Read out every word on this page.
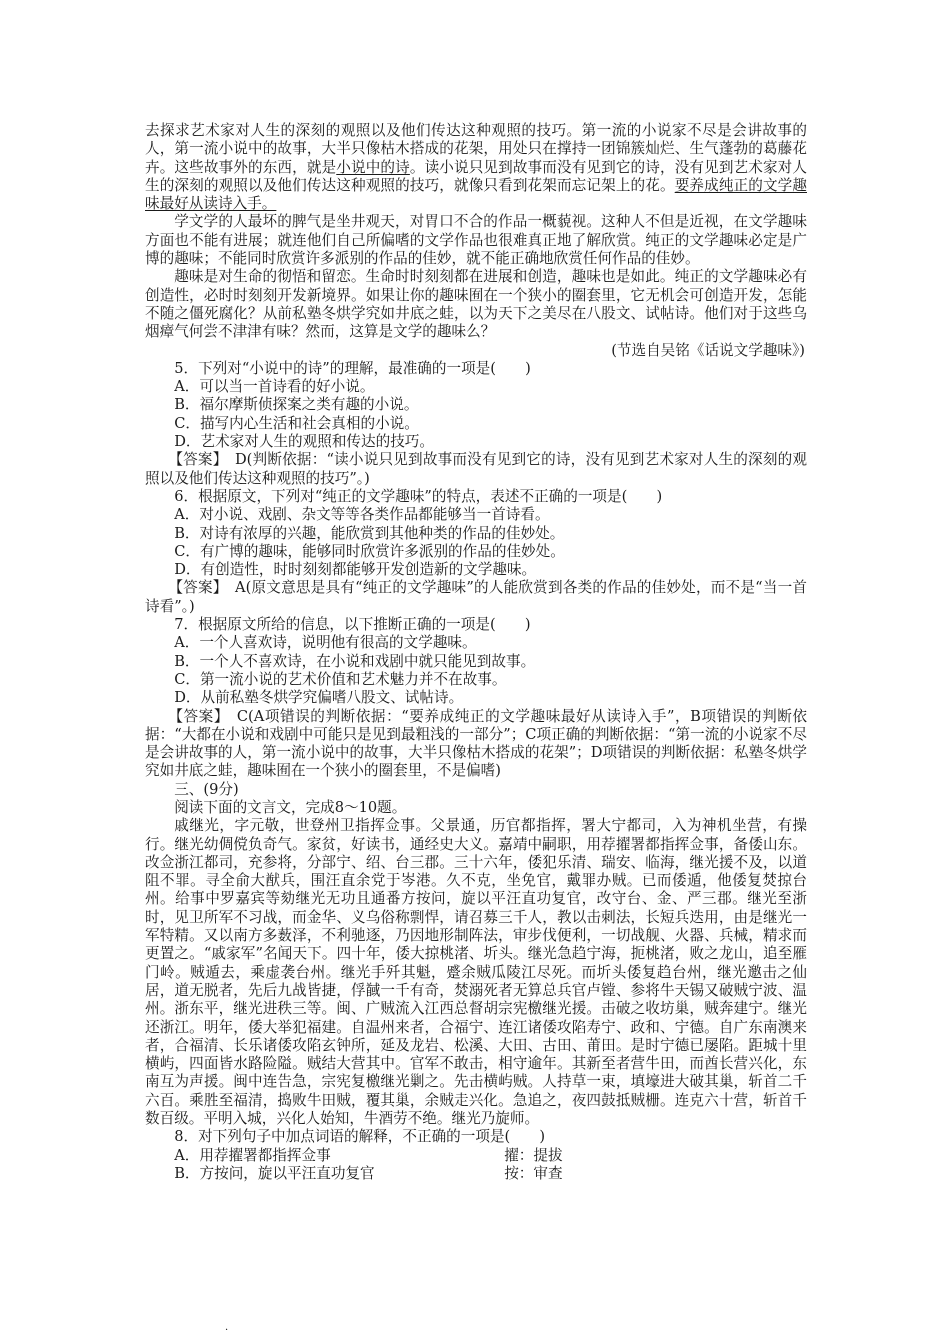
去探求艺术家对人生的深刻的观照以及他们传达这种观照的技巧。第一流的小说家不尽是会讲故事的人，第一流小说中的故事，大半只像枯木搭成的花架，用处只在撑持一团锦簇灿烂、生气蓬勃的葛藤花卉。这些故事外的东西，就是小说中的诗。读小说只见到故事而没有见到它的诗，没有见到艺术家对人生的深刻的观照以及他们传达这种观照的技巧，就像只看到花架而忘记架上的花。要养成纯正的文学趣味最好从读诗入手。

学文学的人最坏的脾气是坐井观天，对胃口不合的作品一概藐视。这种人不但是近视，在文学趣味方面也不能有进展；就连他们自己所偏嗜的文学作品也很难真正地了解欣赏。纯正的文学趣味必定是广博的趣味；不能同时欣赏许多派别的作品的佳妙，就不能正确地欣赏任何作品的佳妙。

趣味是对生命的彻悟和留恋。生命时时刻刻都在进展和创造，趣味也是如此。纯正的文学趣味必有创造性，必时时刻刻开发新境界。如果让你的趣味囿在一个狭小的圈套里，它无机会可创造开发，怎能不随之僵死腐化？从前私塾冬烘学究如井底之蛙，以为天下之美尽在八股文、试帖诗。他们对于这些乌烟瘴气何尝不津津有味？然而，这算是文学的趣味么？

(节选自吴铭《话说文学趣味》)

5．下列对“小说中的诗”的理解，最准确的一项是(　　)

A．可以当一首诗看的好小说。

B．福尔摩斯侦探案之类有趣的小说。

C．描写内心生活和社会真相的小说。

D．艺术家对人生的观照和传达的技巧。

【答案】　D(判断依据：“读小说只见到故事而没有见到它的诗，没有见到艺术家对人生的深刻的观照以及他们传达这种观照的技巧”。)

6．根据原文，下列对“纯正的文学趣味”的特点，表述不正确的一项是(　　)

A．对小说、戏剧、杂文等等各类作品都能够当一首诗看。

B．对诗有浓厚的兴趣，能欣赏到其他种类的作品的佳妙处。

C．有广博的趣味，能够同时欣赏许多派别的作品的佳妙处。

D．有创造性，时时刻刻都能够开发创造新的文学趣味。

【答案】　A(原文意思是具有“纯正的文学趣味”的人能欣赏到各类的作品的佳妙处，而不是“当一首诗看”。)

7．根据原文所给的信息，以下推断正确的一项是(　　)

A．一个人喜欢诗，说明他有很高的文学趣味。

B．一个人不喜欢诗，在小说和戏剧中就只能见到故事。

C．第一流小说的艺术价值和艺术魅力并不在故事。

D．从前私塾冬烘学究偏嗜八股文、试帖诗。

【答案】　C(A项错误的判断依据：“要养成纯正的文学趣味最好从读诗入手”，B项错误的判断依据：“大都在小说和戏剧中可能只是见到最粗浅的一部分”；C项正确的判断依据：“第一流的小说家不尽是会讲故事的人，第一流小说中的故事，大半只像枯木搭成的花架”；D项错误的判断依据：私塾冬烘学究如井底之蛙，趣味囿在一个狭小的圈套里，不是偏嗜)

三、(9分)

阅读下面的文言文，完成8～10题。

戚继光，字元敬，世登州卫指挥佥事。父景通，历官都指挥，署大宁都司，入为神机坐营，有操行。继光幼倜傥负奇气。家贫，好读书，通经史大义。嘉靖中嗣职，用荐擢署都指挥佥事，备倭山东。改佥浙江都司，充参将，分部宁、绍、台三郡。三十六年，倭犯乐清、瑞安、临海，继光援不及，以道阻不罪。寻全俞大猷兵，围汪直余党于岑港。久不克，坐免官，戴罪办贼。已而倭遁，他倭复焚掠台州。给事中罗嘉宾等劾继光无功且通番方按问，旋以平汪直功复官，改守台、金、严三郡。继光至浙时，见卫所军不习战，而金华、义乌俗称剽悍，请召募三千人，教以击刺法，长短兵迭用，由是继光一军特精。又以南方多薮泽，不利驰逐，乃因地形制阵法，审步伐便利，一切战舰、火器、兵械，精求而更置之。“戚家军”名闻天下。四十年，倭大掠桃渚、圻头。继光急趋宁海，扼桃渚，败之龙山，追至雁门岭。贼遁去，乘虚袭台州。继光手歼其魁，蹙余贼瓜陵江尽死。而圻头倭复趋台州，继光邀击之仙居，道无脱者，先后九战皆捷，俘馘一千有奇，焚溺死者无算总兵官卢镗、参将牛天锡又破贼宁波、温州。浙东平，继光进秩三等。闽、广贼流入江西总督胡宗宪檄继光援。击破之收坊巢，贼奔建宁。继光还浙江。明年，倭大举犯福建。自温州来者，合福宁、连江诸倭攻陷寿宁、政和、宁德。自广东南澳来者，合福清、长乐诸倭攻陷玄钟所，延及龙岩、松溪、大田、古田、莆田。是时宁德已屡陷。距城十里横屿，四面皆水路险隘。贼结大营其中。官军不敢击，相守逾年。其新至者营牛田，而酋长营兴化，东南互为声援。闽中连告急，宗宪复檄继光剿之。先击横屿贼。人持草一束，填壕进大破其巢，斩首二千六百。乘胜至福清，捣败牛田贼，覆其巢，余贼走兴化。急追之，夜四鼓抵贼栅。连克六十营，斩首千数百级。平明入城，兴化人始知，牛酒劳不绝。继光乃旋师。

8．对下列句子中加点词语的解释，不正确的一项是(　　)

A．用荐擢署都指挥佥事	擢：提拔
B．方按问，旋以平汪直功复官	按：审查
·
